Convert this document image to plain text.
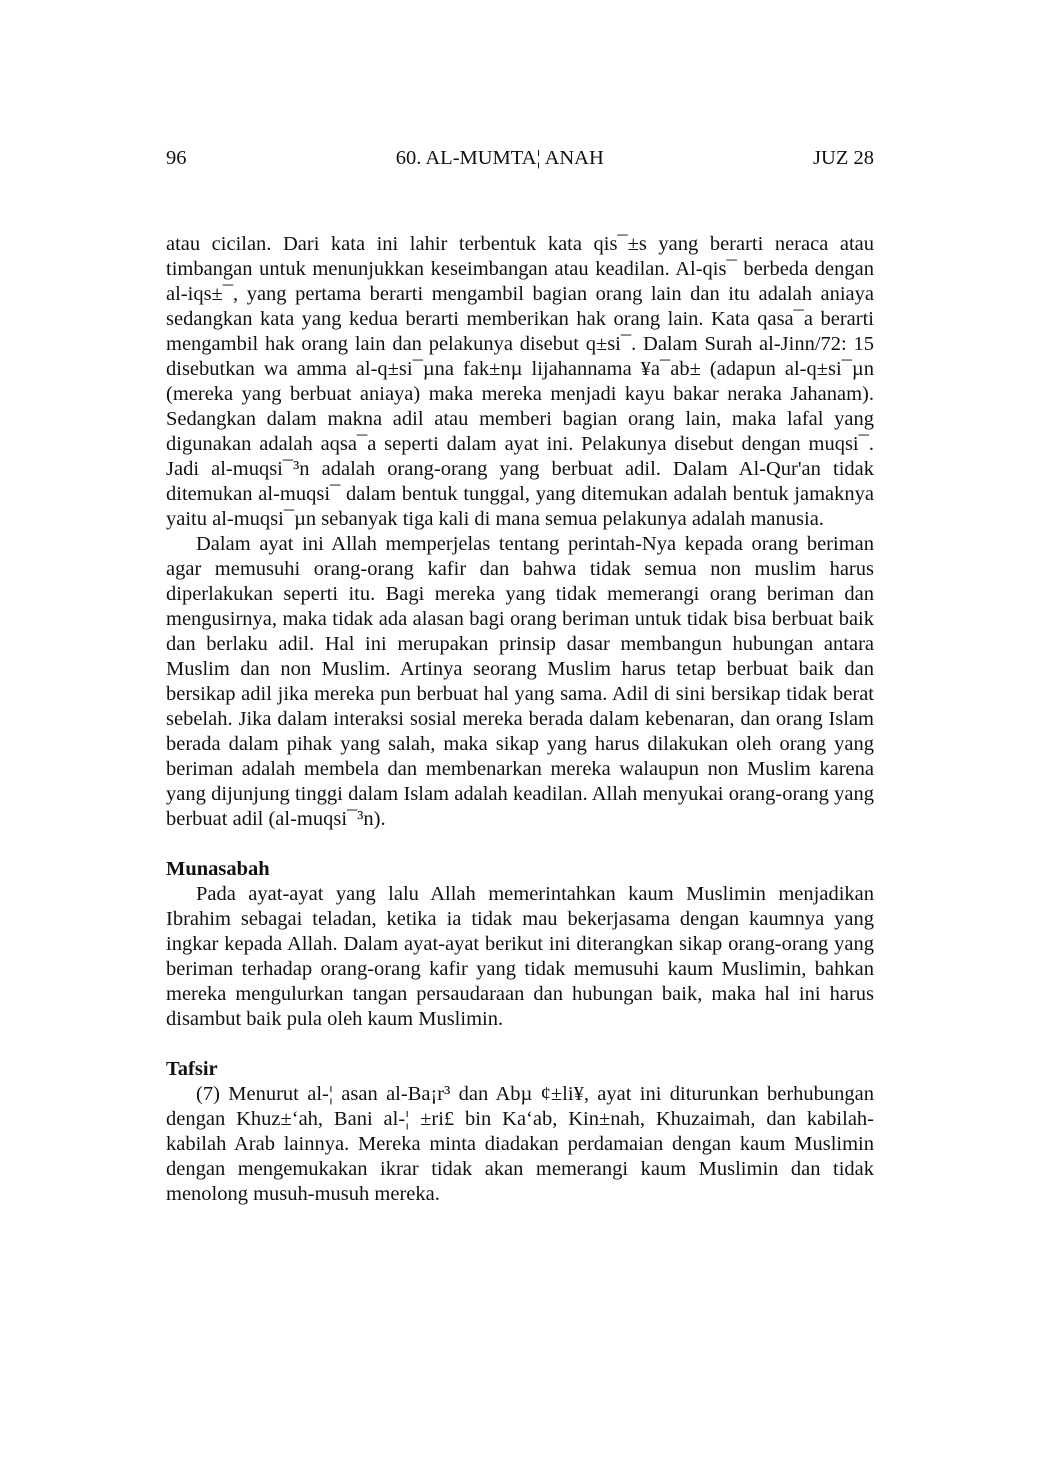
96	60. AL-MUMTA¦ ANAH	JUZ 28

atau cicilan. Dari kata ini lahir terbentuk kata qis¯±s yang berarti neraca atau timbangan untuk menunjukkan keseimbangan atau keadilan. Al-qis¯ berbeda dengan al-iqs±¯, yang pertama berarti mengambil bagian orang lain dan itu adalah aniaya sedangkan kata yang kedua berarti memberikan hak orang lain. Kata qasa¯a berarti mengambil hak orang lain dan pelakunya disebut q±si¯. Dalam Surah al-Jinn/72: 15 disebutkan wa amma al-q±si¯µna fak±nµ lijahannama ¥a¯ab± (adapun al-q±si¯µn (mereka yang berbuat aniaya) maka mereka menjadi kayu bakar neraka Jahanam). Sedangkan dalam makna adil atau memberi bagian orang lain, maka lafal yang digunakan adalah aqsa¯a seperti dalam ayat ini. Pelakunya disebut dengan muqsi¯. Jadi al-muqsi¯³n adalah orang-orang yang berbuat adil. Dalam Al-Qur'an tidak ditemukan al-muqsi¯ dalam bentuk tunggal, yang ditemukan adalah bentuk jamaknya yaitu al-muqsi¯µn sebanyak tiga kali di mana semua pelakunya adalah manusia.

Dalam ayat ini Allah memperjelas tentang perintah-Nya kepada orang beriman agar memusuhi orang-orang kafir dan bahwa tidak semua non muslim harus diperlakukan seperti itu. Bagi mereka yang tidak memerangi orang beriman dan mengusirnya, maka tidak ada alasan bagi orang beriman untuk tidak bisa berbuat baik dan berlaku adil. Hal ini merupakan prinsip dasar membangun hubungan antara Muslim dan non Muslim. Artinya seorang Muslim harus tetap berbuat baik dan bersikap adil jika mereka pun berbuat hal yang sama. Adil di sini bersikap tidak berat sebelah. Jika dalam interaksi sosial mereka berada dalam kebenaran, dan orang Islam berada dalam pihak yang salah, maka sikap yang harus dilakukan oleh orang yang beriman adalah membela dan membenarkan mereka walaupun non Muslim karena yang dijunjung tinggi dalam Islam adalah keadilan. Allah menyukai orang-orang yang berbuat adil (al-muqsi¯³n).

Munasabah

Pada ayat-ayat yang lalu Allah memerintahkan kaum Muslimin menjadikan Ibrahim sebagai teladan, ketika ia tidak mau bekerjasama dengan kaumnya yang ingkar kepada Allah. Dalam ayat-ayat berikut ini diterangkan sikap orang-orang yang beriman terhadap orang-orang kafir yang tidak memusuhi kaum Muslimin, bahkan mereka mengulurkan tangan persaudaraan dan hubungan baik, maka hal ini harus disambut baik pula oleh kaum Muslimin.

Tafsir

(7) Menurut al-¦ asan al-Ba¡r³ dan Abµ ¢±li¥, ayat ini diturunkan berhubungan dengan Khuz±‘ah, Bani al-¦ ±ri£ bin Ka‘ab, Kin±nah, Khuzaimah, dan kabilah-kabilah Arab lainnya. Mereka minta diadakan perdamaian dengan kaum Muslimin dengan mengemukakan ikrar tidak akan memerangi kaum Muslimin dan tidak menolong musuh-musuh mereka.
